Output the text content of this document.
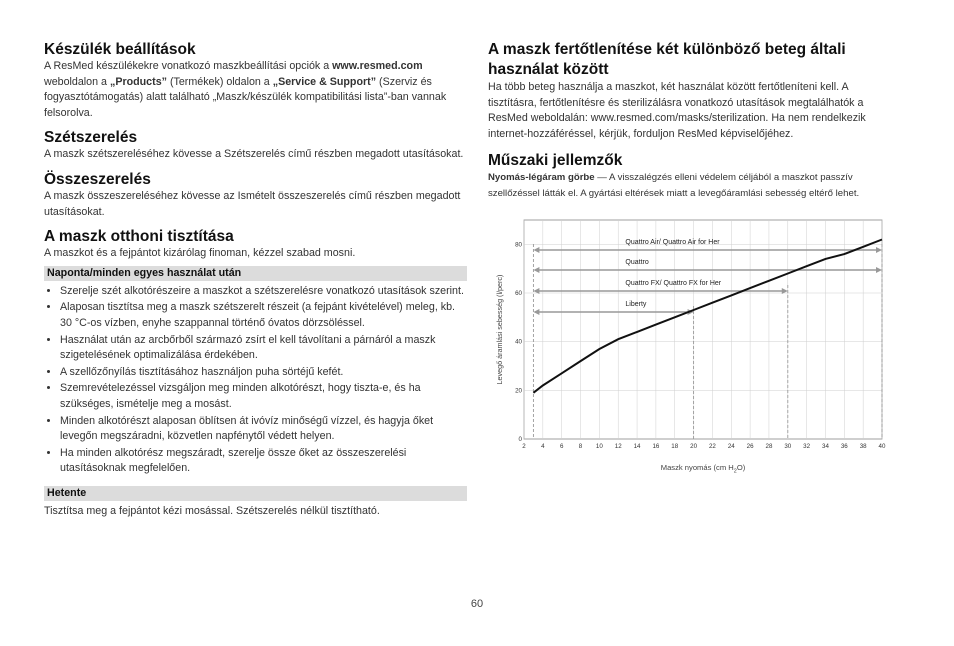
Készülék beállítások

A ResMed készülékekre vonatkozó maszkbeállítási opciók a www.resmed.com weboldalon a „Products” (Termékek) oldalon a „Service & Support” (Szerviz és fogyasztótámogatás) alatt található „Maszk/készülék kompatibilitási lista”-ban vannak felsorolva.

Szétszerelés

A maszk szétszereléséhez kövesse a Szétszerelés című részben megadott utasításokat.

Összeszerelés

A maszk összeszereléséhez kövesse az Ismételt összeszerelés című részben megadott utasításokat.

A maszk otthoni tisztítása

A maszkot és a fejpántot kizárólag finoman, kézzel szabad mosni.

Naponta/minden egyes használat után
• Szerelje szét alkotórészeire a maszkot a szétszerelésre vonatkozó utasítások szerint.
• Alaposan tisztítsa meg a maszk szétszerelt részeit (a fejpánt kivételével) meleg, kb. 30 °C-os vízben, enyhe szappannal történő óvatos dörzsöléssel.
• Használat után az arcbőrből származó zsírt el kell távolítani a párnáról a maszk szigetelésének optimalizálása érdekében.
• A szellőzőnyílás tisztításához használjon puha sörtéjű kefét.
• Szemrevételezéssel vizsgáljon meg minden alkotórészt, hogy tiszta-e, és ha szükséges, ismételje meg a mosást.
• Minden alkotórészt alaposan öblítsen át ivóvíz minőségű vízzel, és hagyja őket levegőn megszáradni, közvetlen napfénytől védett helyen.
• Ha minden alkotórész megszáradt, szerelje össze őket az összeszerelési utasításoknak megfelelően.
Hetente

Tisztítsa meg a fejpántot kézi mosással. Szétszerelés nélkül tisztítható.

A maszk fertőtlenítése két különböző beteg általi használat között

Ha több beteg használja a maszkot, két használat között fertőtleníteni kell. A tisztításra, fertőtlenítésre és sterilizálásra vonatkozó utasítások megtalálhatók a ResMed weboldalán: www.resmed.com/masks/sterilization. Ha nem rendelkezik internet-hozzáféréssel, kérjük, forduljon ResMed képviselőjéhez.

Műszaki jellemzők

Nyomás-légáram görbe — A visszalégzés elleni védelem céljából a maszkot passzív szellőzéssel látták el. A gyártási eltérések miatt a levegőáramlási sebesség eltérő lehet.

2 4 6 8 10 12 14 16 18 20 22 24 26 28 30 32 34 36 38 40
0
20
40
60
80	Quattro Air/ Quattro Air for Her
Quattro
Quattro FX/ Quattro FX for Her
Liberty
Levegő áramlási sebesség (l/perc)
Maszk nyomás (cm $H_2O$)
60
